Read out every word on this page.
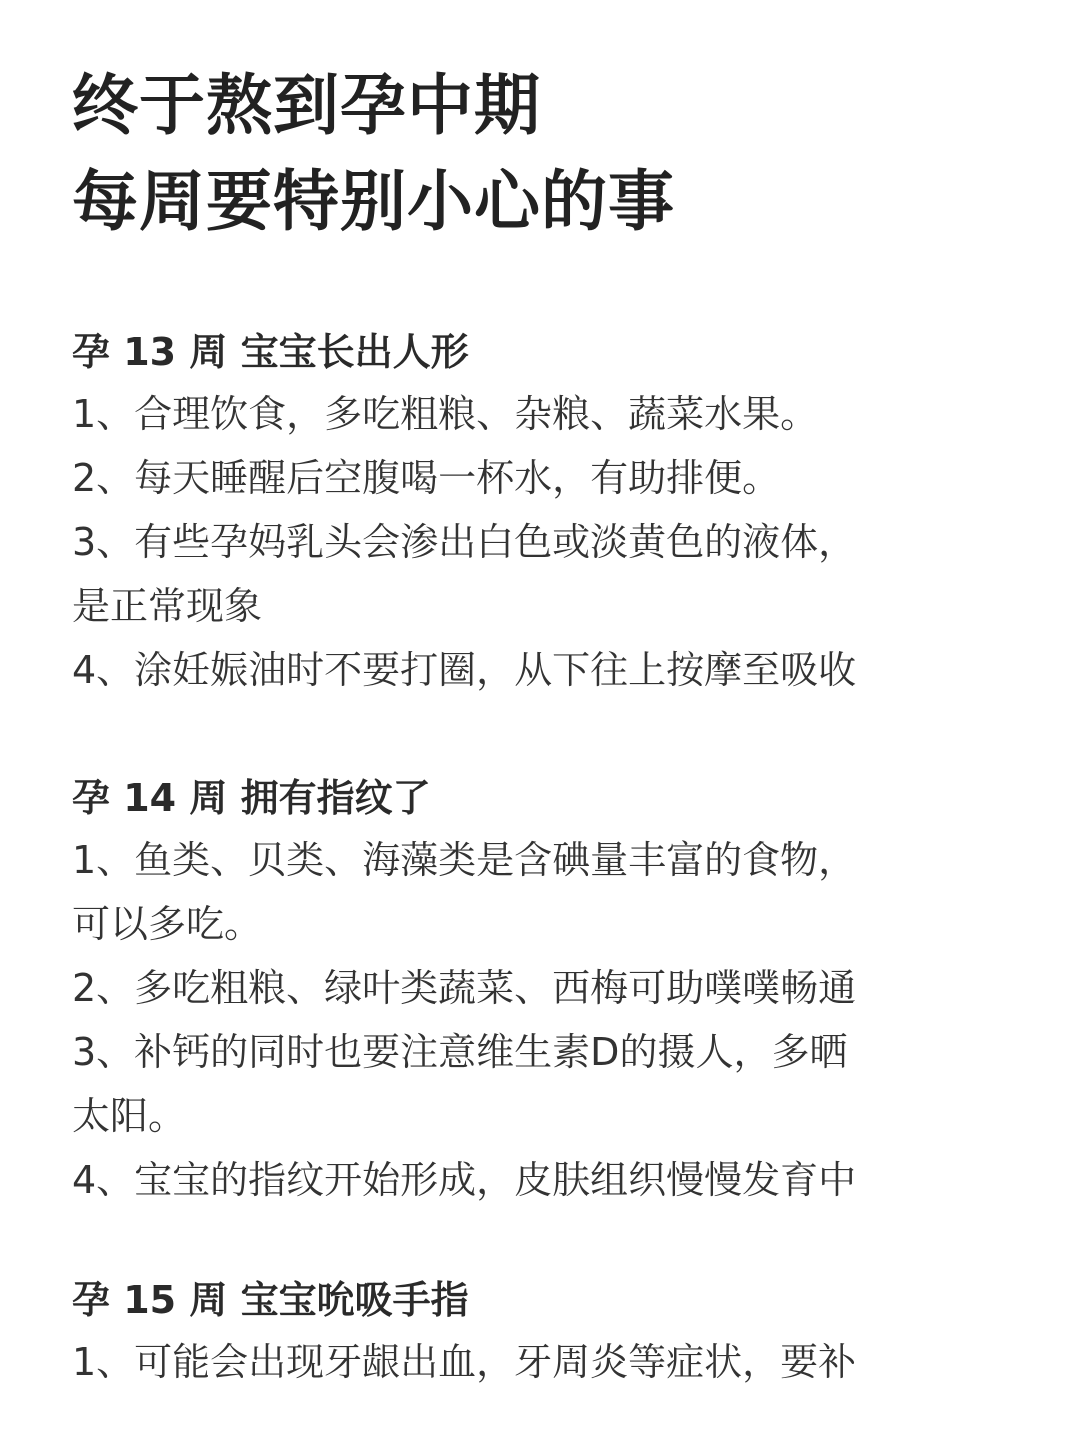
终于熬到孕中期
每周要特别小心的事
孕 13 周 宝宝长出人形
1、合理饮食，多吃粗粮、杂粮、蔬菜水果。
2、每天睡醒后空腹喝一杯水，有助排便。
3、有些孕妈乳头会渗出白色或淡黄色的液体，
是正常现象
4、涂妊娠油时不要打圈，从下往上按摩至吸收
孕 14 周 拥有指纹了
1、鱼类、贝类、海藻类是含碘量丰富的食物，
可以多吃。
2、多吃粗粮、绿叶类蔬菜、西梅可助噗噗畅通
3、补钙的同时也要注意维生素D的摄人，多晒
太阳。
4、宝宝的指纹开始形成，皮肤组织慢慢发育中
孕 15 周 宝宝吮吸手指
1、可能会出现牙龈出血，牙周炎等症状，要补
